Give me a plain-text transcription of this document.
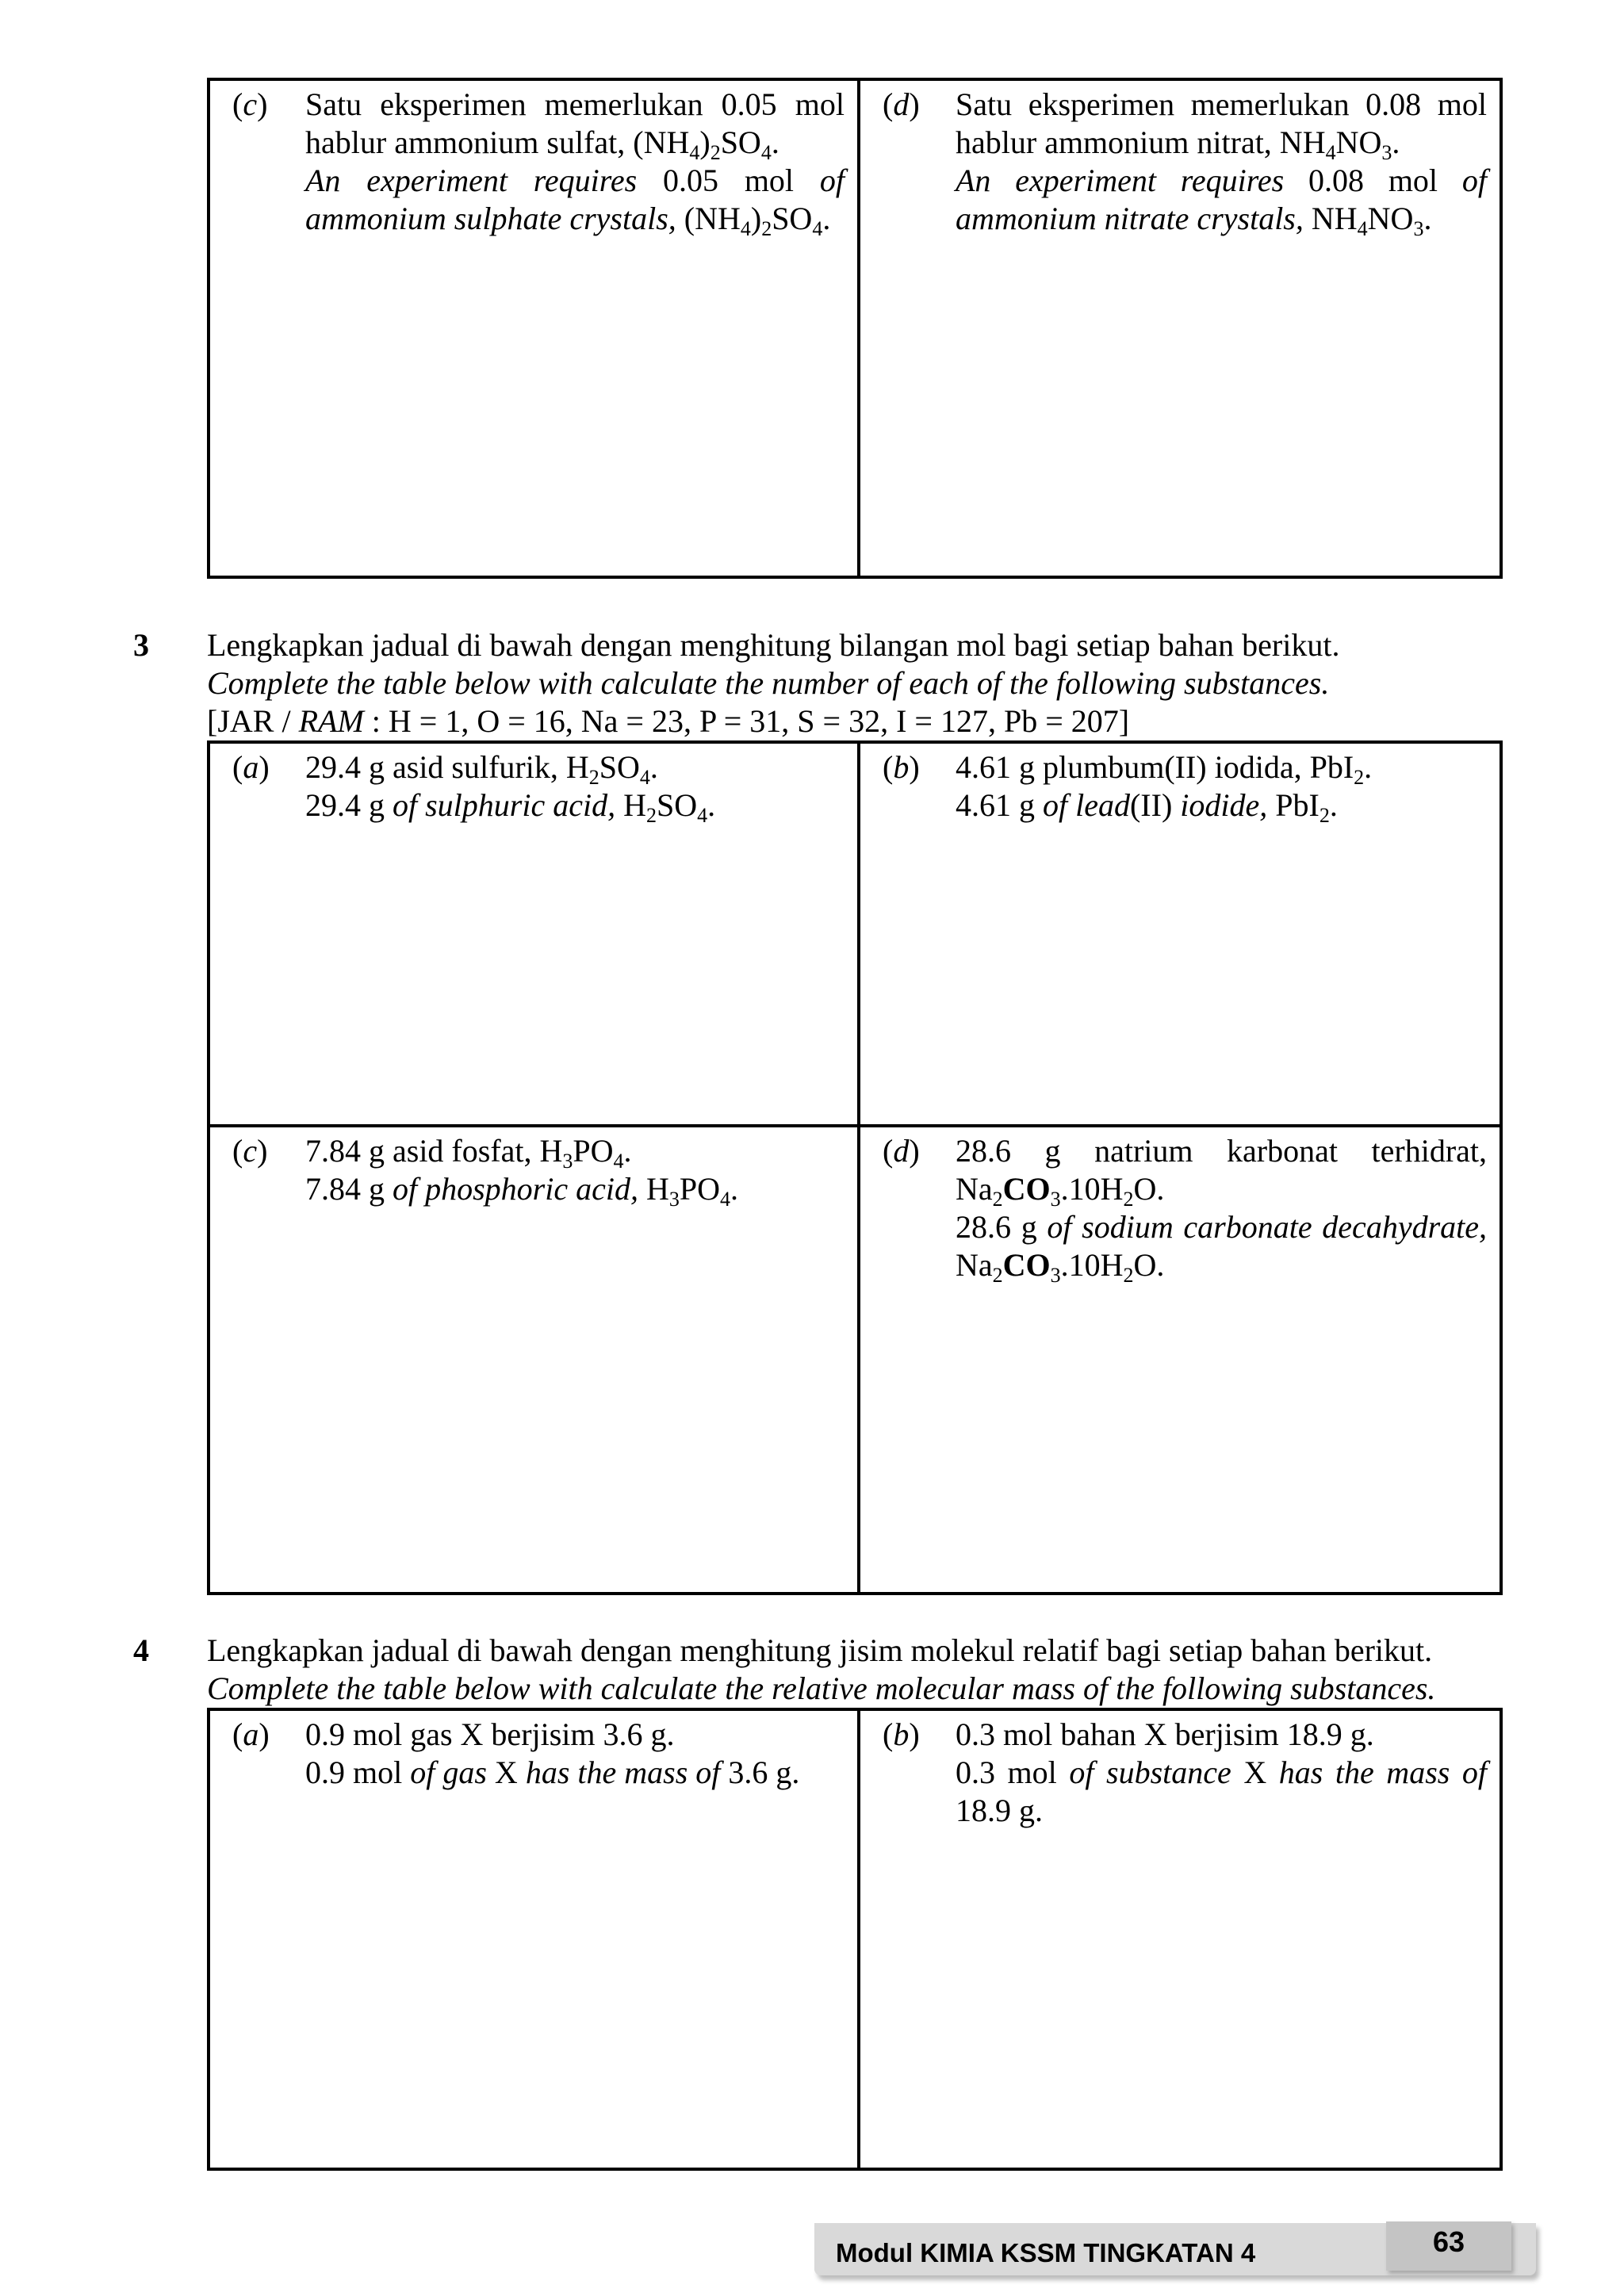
(c) Satu eksperimen memerlukan 0.05 mol hablur ammonium sulfat, $(NH_4)_2SO_4$.

An experiment requires 0.05 mol of ammonium sulphate crystals, $(NH_4)_2SO_4$.

(d) Satu eksperimen memerlukan 0.08 mol hablur ammonium nitrat, $NH_4NO_3$.

An experiment requires 0.08 mol of ammonium nitrate crystals, $NH_4NO_3$.

3 Lengkapkan jadual di bawah dengan menghitung bilangan mol bagi setiap bahan berikut.

Complete the table below with calculate the number of each of the following substances.

[JAR / RAM : H = 1, O = 16, Na = 23, P = 31, S = 32, I = 127, Pb = 207]

(a) 29.4 g asid sulfurik, $H_2SO_4$.

29.4 g of sulphuric acid, $H_2SO_4$.

(b) 4.61 g plumbum(II) iodida, PbI$_2$.

4.61 g of lead(II) iodide, PbI$_2$.

(c) 7.84 g asid fosfat, $H_3PO_4$.

7.84 g of phosphoric acid, $H_3PO_4$.

(d) 28.6 g natrium karbonat terhidrat, $Na_2CO_3.10H_2O$.

28.6 g of sodium carbonate decahydrate, $Na_2CO_3.10H_2O$.

4 Lengkapkan jadual di bawah dengan menghitung jisim molekul relatif bagi setiap bahan berikut.

Complete the table below with calculate the relative molecular mass of the following substances.

(a) 0.9 mol gas X berjisim 3.6 g.

0.9 mol of gas X has the mass of 3.6 g.

(b) 0.3 mol bahan X berjisim 18.9 g.

0.3 mol of substance X has the mass of 18.9 g.

Modul KIMIA KSSM TINGKATAN 4	63
